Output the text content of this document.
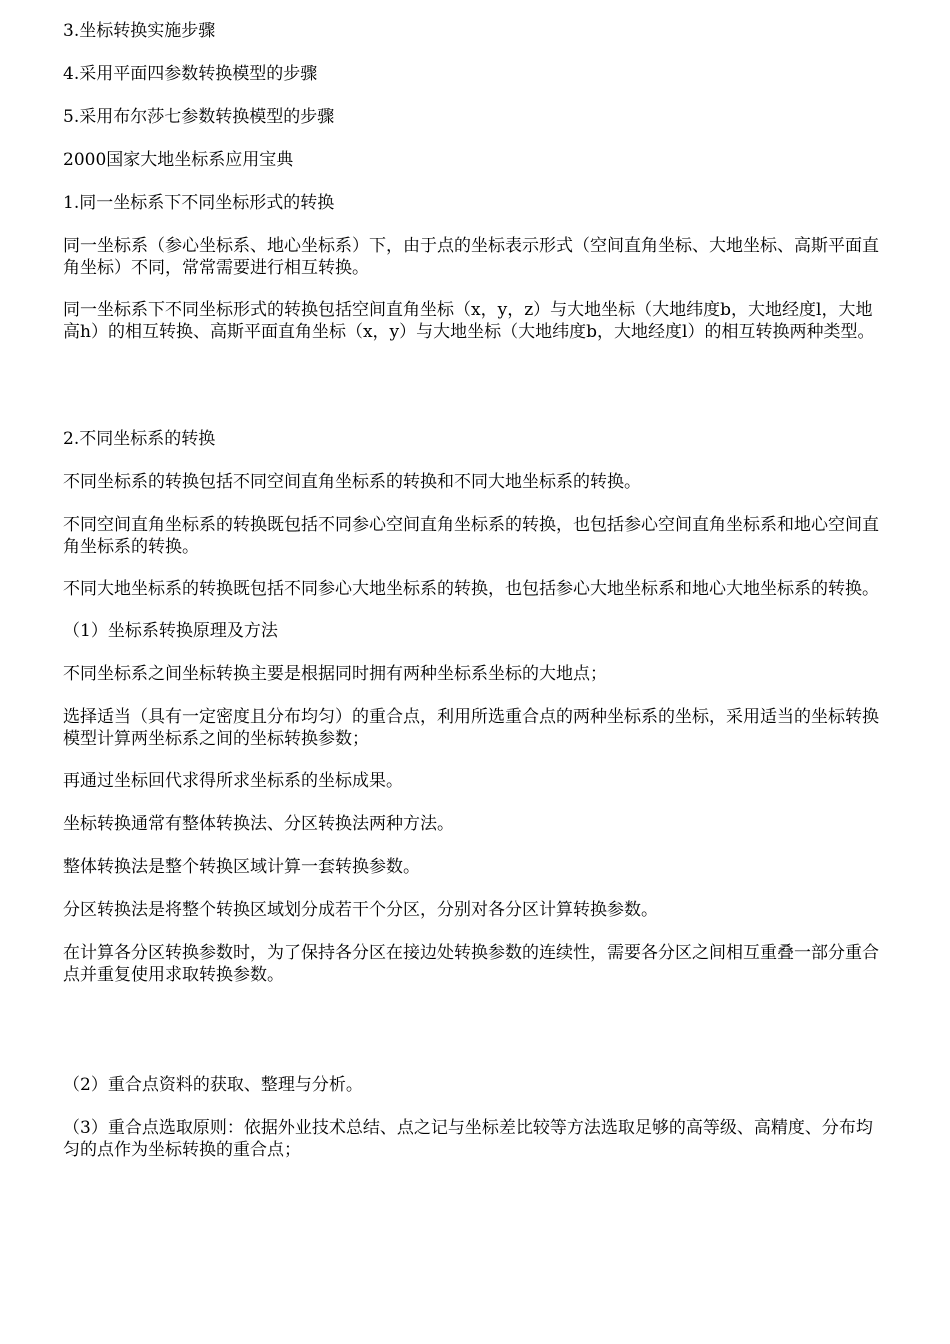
3.坐标转换实施步骤

4.采用平面四参数转换模型的步骤

5.采用布尔莎七参数转换模型的步骤

2000国家大地坐标系应用宝典

1.同一坐标系下不同坐标形式的转换

同一坐标系（参心坐标系、地心坐标系）下，由于点的坐标表示形式（空间直角坐标、大地坐标、高斯平面直角坐标）不同，常常需要进行相互转换。

同一坐标系下不同坐标形式的转换包括空间直角坐标（x，y，z）与大地坐标（大地纬度b，大地经度l，大地高h）的相互转换、高斯平面直角坐标（x，y）与大地坐标（大地纬度b，大地经度l）的相互转换两种类型。

2.不同坐标系的转换

不同坐标系的转换包括不同空间直角坐标系的转换和不同大地坐标系的转换。

不同空间直角坐标系的转换既包括不同参心空间直角坐标系的转换，也包括参心空间直角坐标系和地心空间直角坐标系的转换。

不同大地坐标系的转换既包括不同参心大地坐标系的转换，也包括参心大地坐标系和地心大地坐标系的转换。

（1）坐标系转换原理及方法

不同坐标系之间坐标转换主要是根据同时拥有两种坐标系坐标的大地点；

选择适当（具有一定密度且分布均匀）的重合点，利用所选重合点的两种坐标系的坐标，采用适当的坐标转换模型计算两坐标系之间的坐标转换参数；

再通过坐标回代求得所求坐标系的坐标成果。

坐标转换通常有整体转换法、分区转换法两种方法。

整体转换法是整个转换区域计算一套转换参数。

分区转换法是将整个转换区域划分成若干个分区，分别对各分区计算转换参数。

在计算各分区转换参数时，为了保持各分区在接边处转换参数的连续性，需要各分区之间相互重叠一部分重合点并重复使用求取转换参数。

（2）重合点资料的获取、整理与分析。

（3）重合点选取原则：依据外业技术总结、点之记与坐标差比较等方法选取足够的高等级、高精度、分布均匀的点作为坐标转换的重合点；
